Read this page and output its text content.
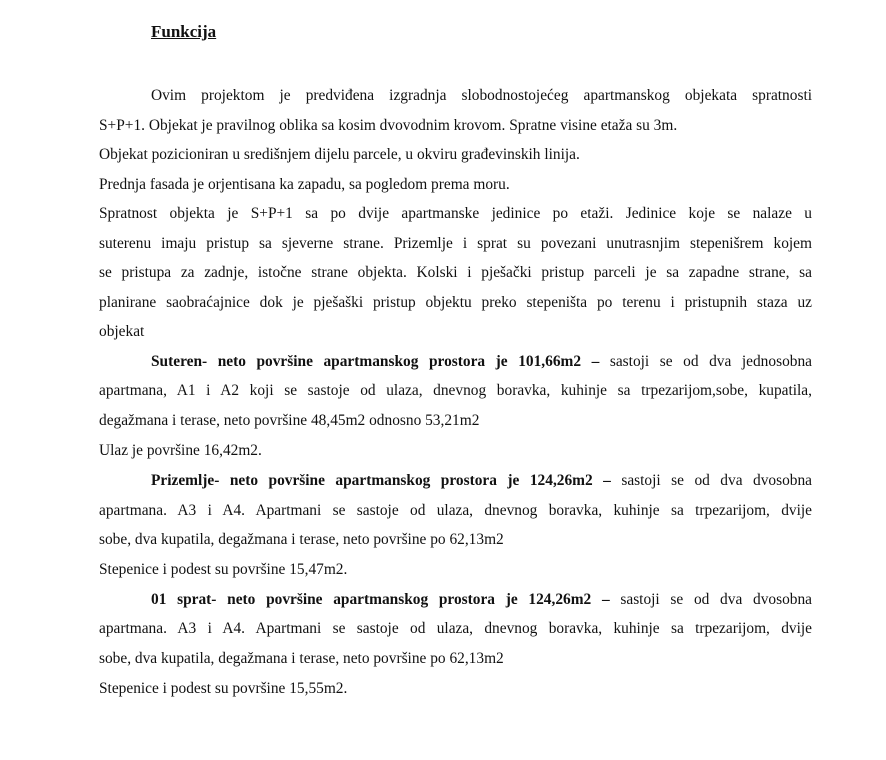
Funkcija
Ovim projektom je predviđena izgradnja slobodnostojećeg apartmanskog objekata spratnosti
S+P+1. Objekat je pravilnog oblika sa kosim dvovodnim krovom. Spratne visine etaža su 3m.
Objekat pozicioniran u središnjem dijelu parcele, u okviru građevinskih linija.
Prednja fasada je orjentisana ka zapadu, sa pogledom prema moru.
Spratnost objekta je S+P+1 sa po dvije apartmanske jedinice po etaži. Jedinice koje se nalaze u
suterenu imaju pristup sa sjeverne strane. Prizemlje i sprat su povezani unutrasnjim stepenišrem kojem
se pristupa za zadnje, istočne strane objekta. Kolski i pješački pristup parceli je sa zapadne strane, sa
planirane saobraćajnice dok je pješaški pristup objektu preko stepeništa po terenu i pristupnih staza uz
objekat
Suteren- neto površine apartmanskog prostora je 101,66m2 – sastoji se od dva jednosobna
apartmana, A1 i A2 koji se sastoje od ulaza, dnevnog boravka, kuhinje sa trpezarijom,sobe, kupatila,
degažmana i terase, neto površine 48,45m2 odnosno 53,21m2
Ulaz je površine 16,42m2.
Prizemlje- neto površine apartmanskog prostora je 124,26m2 – sastoji se od dva dvosobna
apartmana. A3 i A4. Apartmani se sastoje od ulaza, dnevnog boravka, kuhinje sa trpezarijom, dvije
sobe, dva kupatila, degažmana i terase, neto površine po 62,13m2
Stepenice i podest su površine 15,47m2.
01 sprat- neto površine apartmanskog prostora je 124,26m2 – sastoji se od dva dvosobna
apartmana. A3 i A4. Apartmani se sastoje od ulaza, dnevnog boravka, kuhinje sa trpezarijom, dvije
sobe, dva kupatila, degažmana i terase, neto površine po 62,13m2
Stepenice i podest su površine 15,55m2.
